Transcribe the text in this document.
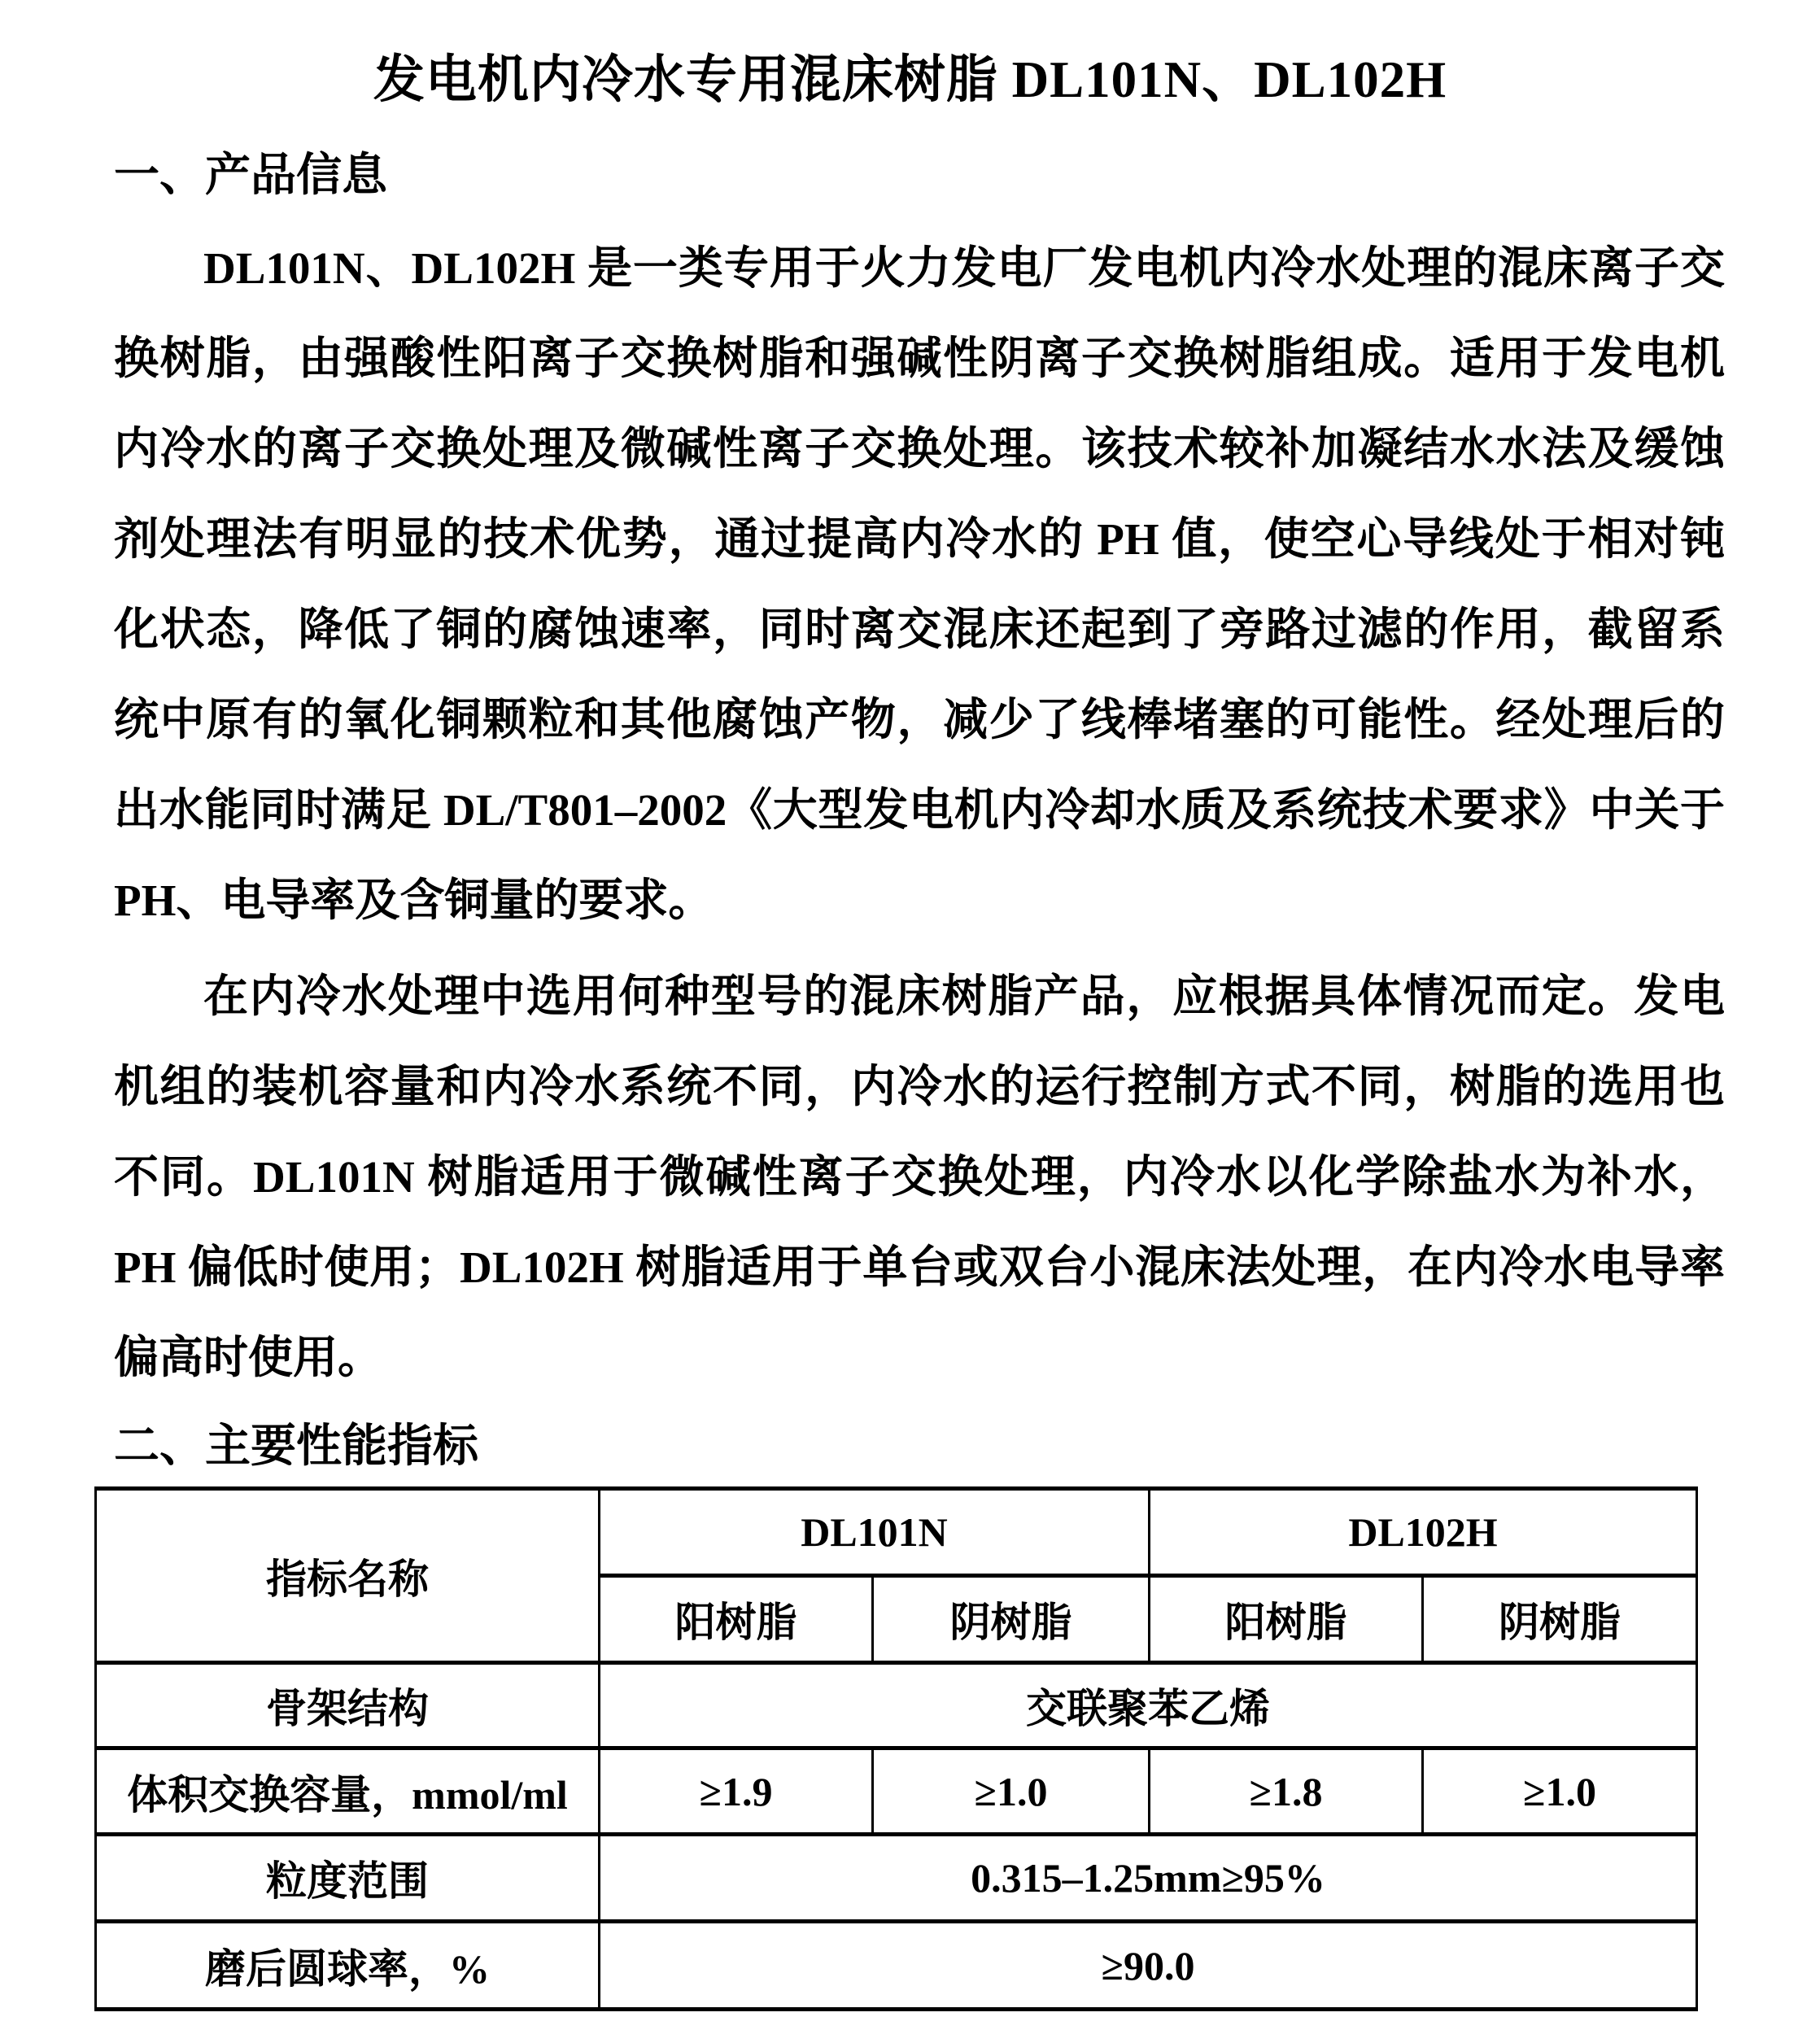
发电机内冷水专用混床树脂 DL101N、DL102H
一、产品信息
DL101N、DL102H 是一类专用于火力发电厂发电机内冷水处理的混床离子交
换树脂，由强酸性阳离子交换树脂和强碱性阴离子交换树脂组成。适用于发电机
内冷水的离子交换处理及微碱性离子交换处理。该技术较补加凝结水水法及缓蚀
剂处理法有明显的技术优势，通过提高内冷水的 PH 值，使空心导线处于相对钝
化状态，降低了铜的腐蚀速率，同时离交混床还起到了旁路过滤的作用，截留系
统中原有的氧化铜颗粒和其他腐蚀产物，减少了线棒堵塞的可能性。经处理后的
出水能同时满足 DL/T801–2002《大型发电机内冷却水质及系统技术要求》中关于
PH、电导率及含铜量的要求。
在内冷水处理中选用何种型号的混床树脂产品，应根据具体情况而定。发电
机组的装机容量和内冷水系统不同，内冷水的运行控制方式不同，树脂的选用也
不同。DL101N 树脂适用于微碱性离子交换处理，内冷水以化学除盐水为补水，
PH 偏低时使用；DL102H 树脂适用于单台或双台小混床法处理，在内冷水电导率
偏高时使用。
二、主要性能指标
指标名称	DL101N		DL102H	
	阳树脂	阴树脂	阳树脂	阴树脂
骨架结构	交联聚苯乙烯			
体积交换容量，mmol/ml	≥1.9	≥1.0	≥1.8	≥1.0
粒度范围	0.315–1.25mm≥95%			
磨后圆球率，%	≥90.0			
